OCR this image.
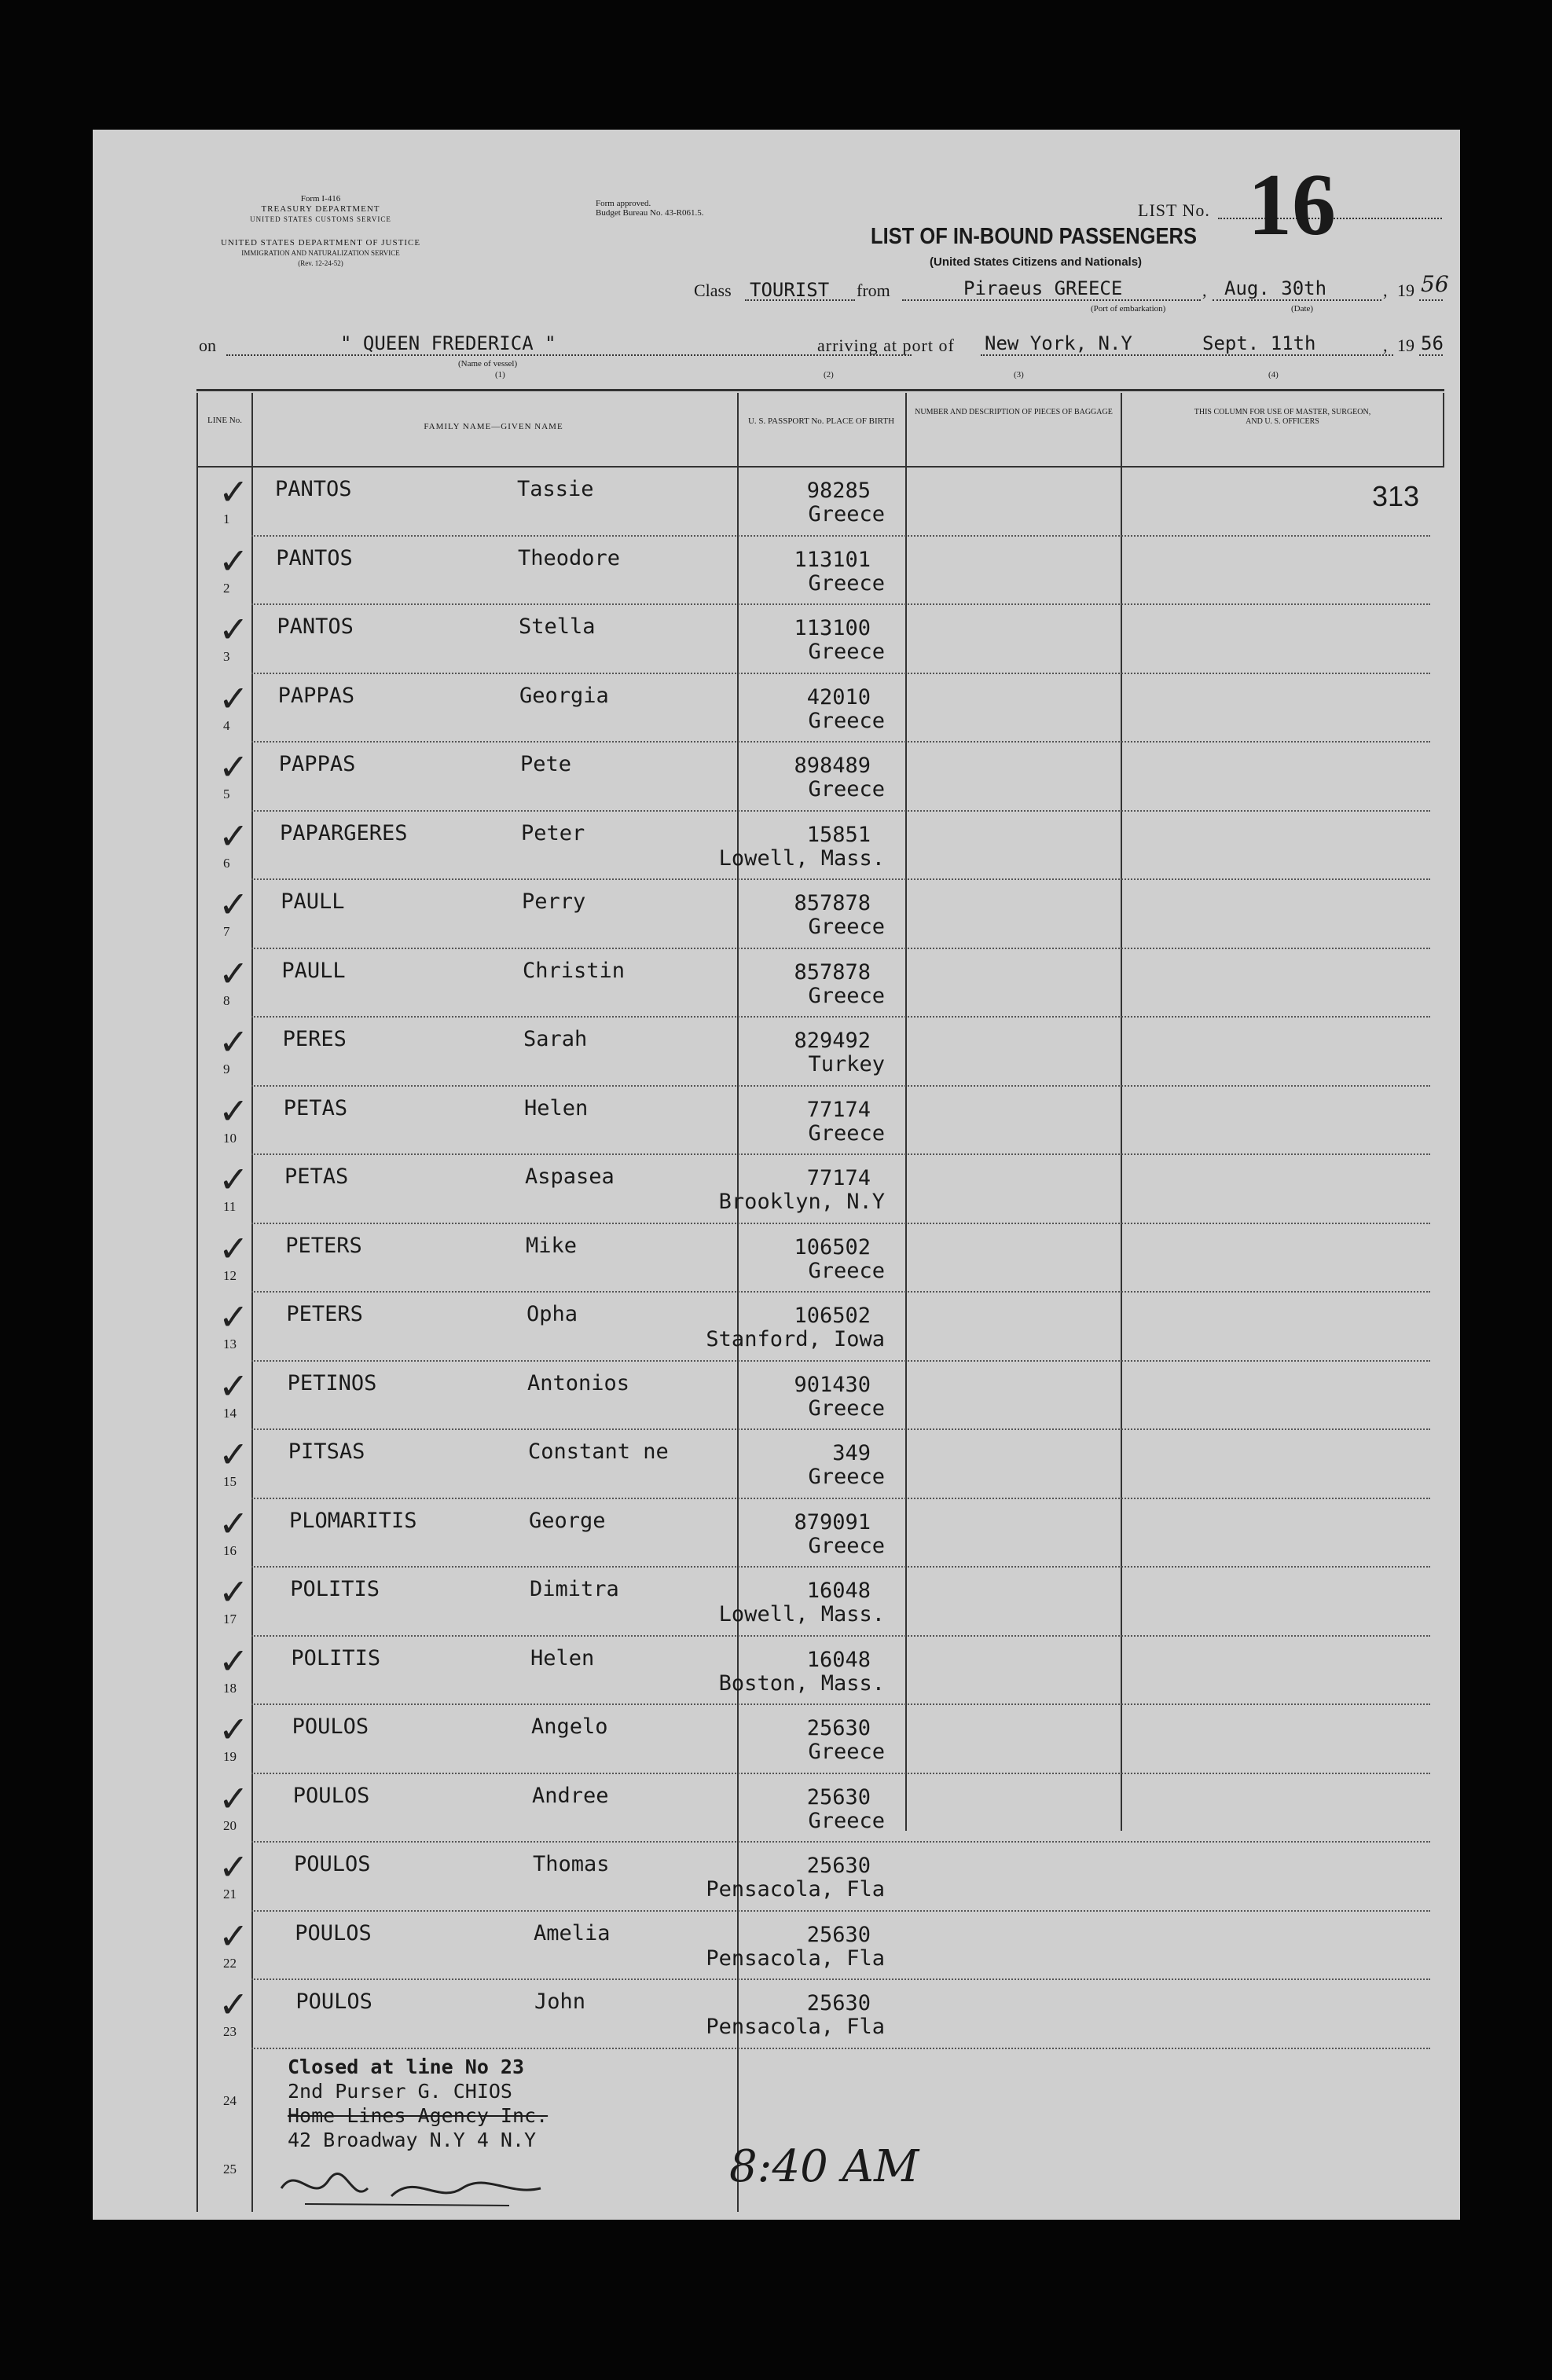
Form I-416
TREASURY DEPARTMENT
UNITED STATES CUSTOMS SERVICE
UNITED STATES DEPARTMENT OF JUSTICE
IMMIGRATION AND NATURALIZATION SERVICE
(Rev. 12-24-52)
Form approved.
Budget Bureau No. 43-R061.5.	LIST No. 16
LIST OF IN-BOUND PASSENGERS
(United States Citizens and Nationals)
Class TOURIST from	Piraeus GREECE	, Aug. 30th	, 19 56
(Port of embarkation)	(Date)
on	" QUEEN FREDERICA "
(Name of vessel)
(1)
arriving at port of New York, N.Y	Sept. 11th	, 19 56
(2)	(3)	(4)
LINE No.
FAMILY NAME—GIVEN NAME
U. S. PASSPORT No. PLACE OF BIRTH
NUMBER AND DESCRIPTION OF PIECES OF BAGGAGE	THIS COLUMN FOR USE OF MASTER, SURGEON, AND U. S. OFFICERS
313
1
✓ PANTOS	Tassie	98285
Greece
2
✓ PANTOS	Theodore	113101
Greece
3
✓ PANTOS	Stella	113100
Greece
4
✓ PAPPAS	Georgia	42010
Greece
5
✓ PAPPAS	Pete	898489
Greece
6
✓ PAPARGERES	Peter	15851
Lowell, Mass.
7
✓ PAULL	Perry	857878
Greece
8
✓ PAULL	Christin	857878
Greece
9
✓ PERES	Sarah	829492
Turkey
10
✓ PETAS	Helen	77174
Greece
11
✓ PETAS	Aspasea	77174
Brooklyn, N.Y
12
✓ PETERS	Mike	106502
Greece
13
✓ PETERS	Opha	106502
Stanford, Iowa
14
✓ PETINOS	Antonios	901430
Greece
15
✓ PITSAS	Constant ne	349
Greece
16
✓ PLOMARITIS	George	879091
Greece
17
✓ POLITIS	Dimitra	16048
Lowell, Mass.
18
✓ POLITIS	Helen	16048
Boston, Mass.
19
✓ POULOS	Angelo	25630
Greece
20
✓ POULOS	Andree	25630
Greece
21
✓ POULOS	Thomas	25630
Pensacola, Fla
22
✓ POULOS	Amelia	25630
Pensacola, Fla
23
✓ POULOS	John	25630
Pensacola, Fla
24
25
Closed at line No 23
2nd Purser G. CHIOS
Home Lines Agency Inc.
42 Broadway N.Y 4 N.Y
8:40 AM
